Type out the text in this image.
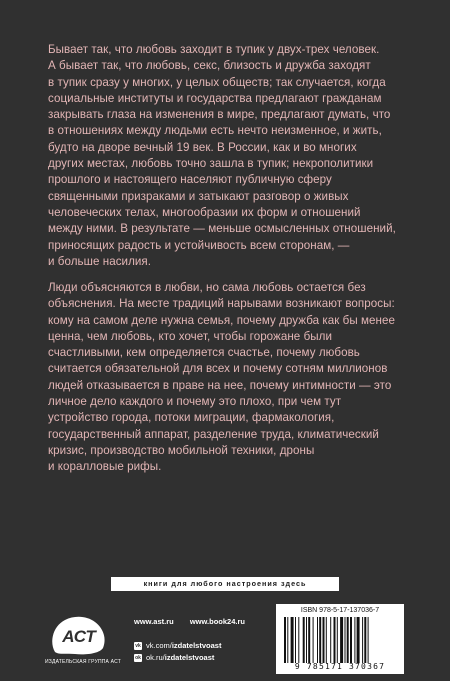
Бывает так, что любовь заходит в тупик у двух-трех человек.
А бывает так, что любовь, секс, близость и дружба заходят
в тупик сразу у многих, у целых обществ; так случается, когда
социальные институты и государства предлагают гражданам
закрывать глаза на изменения в мире, предлагают думать, что
в отношениях между людьми есть нечто неизменное, и жить,
будто на дворе вечный 19 век. В России, как и во многих
других местах, любовь точно зашла в тупик; некрополитики
прошлого и настоящего населяют публичную сферу
священными призраками и затыкают разговор о живых
человеческих телах, многообразии их форм и отношений
между ними. В результате — меньше осмысленных отношений,
приносящих радость и устойчивость всем сторонам, —
и больше насилия.
Люди объясняются в любви, но сама любовь остается без
объяснения. На месте традиций нарывами возникают вопросы:
кому на самом деле нужна семья, почему дружба как бы менее
ценна, чем любовь, кто хочет, чтобы горожане были
счастливыми, кем определяется счастье, почему любовь
считается обязательной для всех и почему сотням миллионов
людей отказывается в праве на нее, почему интимности — это
личное дело каждого и почему это плохо, при чем тут
устройство города, потоки миграции, фармакология,
государственный аппарат, разделение труда, климатический
кризис, производство мобильной техники, дроны
и коралловые рифы.
книги для любого настроения здесь
АСТ
ИЗДАТЕЛЬСКАЯ ГРУППА АСТ
www.ast.ru www.book24.ru
vk vk.com/ izdatelstvoast
ok ok.ru/ izdatelstvoast
ISBN 978-5-17-137036-7
9 785171 370367
